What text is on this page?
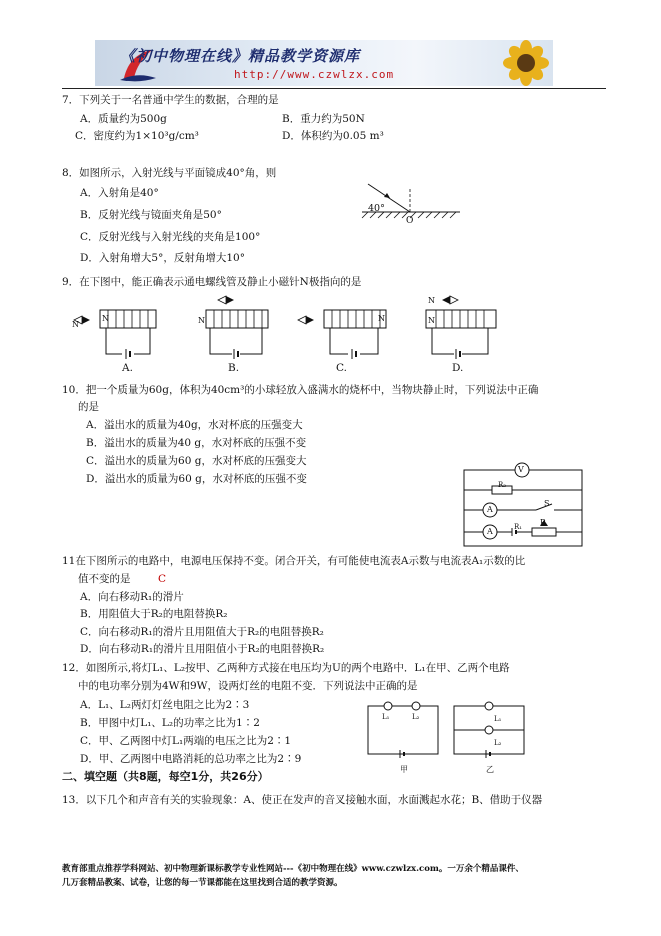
《初中物理在线》精品教学资源库
http://www.czwlzx.com
7．下列关于一名普通中学生的数据，合理的是
A．质量约为500g	B．重力约为50N
C．密度约为1×10³g/cm³	D．体积约为0.05 m³
8．如图所示，入射光线与平面镜成40°角，则
A．入射角是40°
B．反射光线与镜面夹角是50°
C．反射光线与入射光线的夹角是100°
D．入射角增大5°，反射角增大10°
40°
O
9．在下图中，能正确表示通电螺线管及静止小磁针N极指向的是
N
N
A.
N
B.
N
C.
N
N
D.
10．把一个质量为60g，体积为40cm³的小球轻放入盛满水的烧杯中，当物块静止时，下列说法中正确
的是
A．溢出水的质量为40g，水对杯底的压强变大
B．溢出水的质量为40 g，水对杯底的压强不变
C．溢出水的质量为60 g，水对杯底的压强变大
D．溢出水的质量为60 g，水对杯底的压强不变
V
R₂
A
S
A	R₁ P
11在下图所示的电路中，电源电压保持不变。闭合开关，有可能使电流表A示数与电流表A₁示数的比
值不变的是	C
A．向右移动R₁的滑片
B．用阻值大于R₂的电阻替换R₂
C．向右移动R₁的滑片且用阻值大于R₂的电阻替换R₂
D．向右移动R₁的滑片且用阻值小于R₂的电阻替换R₂
12．如图所示,将灯L₁、L₂按甲、乙两种方式接在电压均为U的两个电路中．L₁在甲、乙两个电路
中的电功率分别为4W和9W，设两灯丝的电阻不变．下列说法中正确的是
A．L₁、L₂两灯灯丝电阻之比为2∶3
B．甲图中灯L₁、L₂的功率之比为1∶2
C．甲、乙两图中灯L₁两端的电压之比为2∶1
D．甲、乙两图中电路消耗的总功率之比为2∶9
L₁	L₂
甲
L₁
L₂
乙
二、填空题（共8题，每空1分，共26分）
13．以下几个和声音有关的实验现象：A、使正在发声的音叉接触水面，水面溅起水花；B、借助于仪器
教育部重点推荐学科网站、初中物理新课标教学专业性网站---《初中物理在线》www.czwlzx.com。一万余个精品课件、
几万套精品教案、试卷，让您的每一节课都能在这里找到合适的教学资源。
